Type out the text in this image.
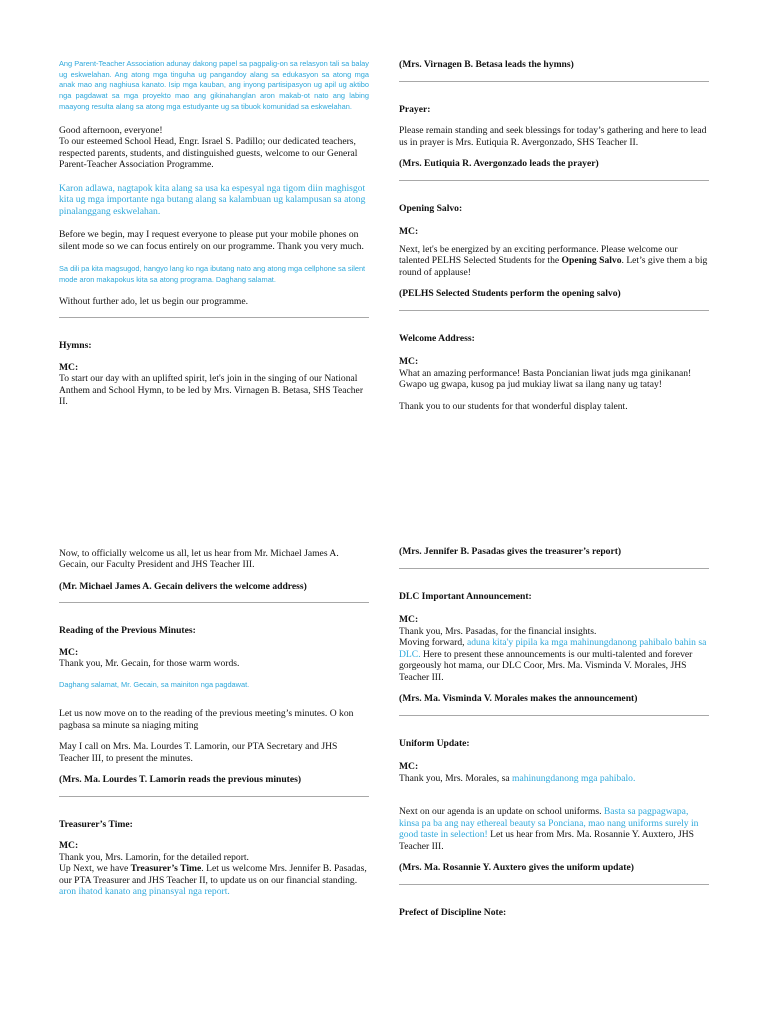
Ang Parent-Teacher Association adunay dakong papel sa pagpalig-on sa relasyon tali sa balay ug eskwelahan. Ang atong mga tinguha ug pangandoy alang sa edukasyon sa atong mga anak mao ang naghiusa kanato. Isip mga kauban, ang inyong partisipasyon ug apil ug aktibo nga pagdawat sa mga proyekto mao ang gikinahanglan aron makab-ot nato ang labing maayong resulta alang sa atong mga estudyante ug sa tibuok komunidad sa eskwelahan.

Good afternoon, everyone!

To our esteemed School Head, Engr. Israel S. Padillo; our dedicated teachers, respected parents, students, and distinguished guests, welcome to our General Parent-Teacher Association Programme.

Karon adlawa, nagtapok kita alang sa usa ka espesyal nga tigom diin maghisgot kita ug mga importante nga butang alang sa kalambuan ug kalampusan sa atong pinalanggang eskwelahan.

Before we begin, may I request everyone to please put your mobile phones on silent mode so we can focus entirely on our programme. Thank you very much.

Sa dili pa kita magsugod, hangyo lang ko nga ibutang nato ang atong mga cellphone sa silent mode aron makapokus kita sa atong programa. Daghang salamat.

Without further ado, let us begin our programme.

Hymns:

MC:

To start our day with an uplifted spirit, let's join in the singing of our National Anthem and School Hymn, to be led by Mrs. Virnagen B. Betasa, SHS Teacher II.

Now, to officially welcome us all, let us hear from Mr. Michael James A. Gecain, our Faculty President and JHS Teacher III.

(Mr. Michael James A. Gecain delivers the welcome address)

Reading of the Previous Minutes:

MC:

Thank you, Mr. Gecain, for those warm words.

Daghang salamat, Mr. Gecain, sa mainiton nga pagdawat.

Let us now move on to the reading of the previous meeting’s minutes. O kon pagbasa sa minute sa niaging miting

May I call on Mrs. Ma. Lourdes T. Lamorin, our PTA Secretary and JHS Teacher III, to present the minutes.

(Mrs. Ma. Lourdes T. Lamorin reads the previous minutes)

Treasurer’s Time:

MC:

Thank you, Mrs. Lamorin, for the detailed report.

Up Next, we have Treasurer’s Time. Let us welcome Mrs. Jennifer B. Pasadas, our PTA Treasurer and JHS Teacher II, to update us on our financial standing. aron ihatod kanato ang pinansyal nga report.

(Mrs. Virnagen B. Betasa leads the hymns)

Prayer:

Please remain standing and seek blessings for today’s gathering and here to lead us in prayer is Mrs. Eutiquia R. Avergonzado, SHS Teacher II.

(Mrs. Eutiquia R. Avergonzado leads the prayer)

Opening Salvo:

MC:

Next, let's be energized by an exciting performance. Please welcome our talented PELHS Selected Students for the Opening Salvo. Let’s give them a big round of applause!

(PELHS Selected Students perform the opening salvo)

Welcome Address:

MC:

What an amazing performance! Basta Poncianian liwat juds mga ginikanan! Gwapo ug gwapa, kusog pa jud mukiay liwat sa ilang nany ug tatay!

Thank you to our students for that wonderful display talent.

(Mrs. Jennifer B. Pasadas gives the treasurer’s report)

DLC Important Announcement:

MC:

Thank you, Mrs. Pasadas, for the financial insights.

Moving forward, aduna kita'y pipila ka mga mahinungdanong pahibalo bahin sa DLC. Here to present these announcements is our multi-talented and forever gorgeously hot mama, our DLC Coor, Mrs. Ma. Visminda V. Morales, JHS Teacher III.

(Mrs. Ma. Visminda V. Morales makes the announcement)

Uniform Update:

MC:

Thank you, Mrs. Morales, sa mahinungdanong mga pahibalo.

Next on our agenda is an update on school uniforms. Basta sa pagpagwapa, kinsa pa ba ang nay ethereal beauty sa Ponciana, mao nang uniforms surely in good taste in selection! Let us hear from Mrs. Ma. Rosannie Y. Auxtero, JHS Teacher III.

(Mrs. Ma. Rosannie Y. Auxtero gives the uniform update)

Prefect of Discipline Note:
